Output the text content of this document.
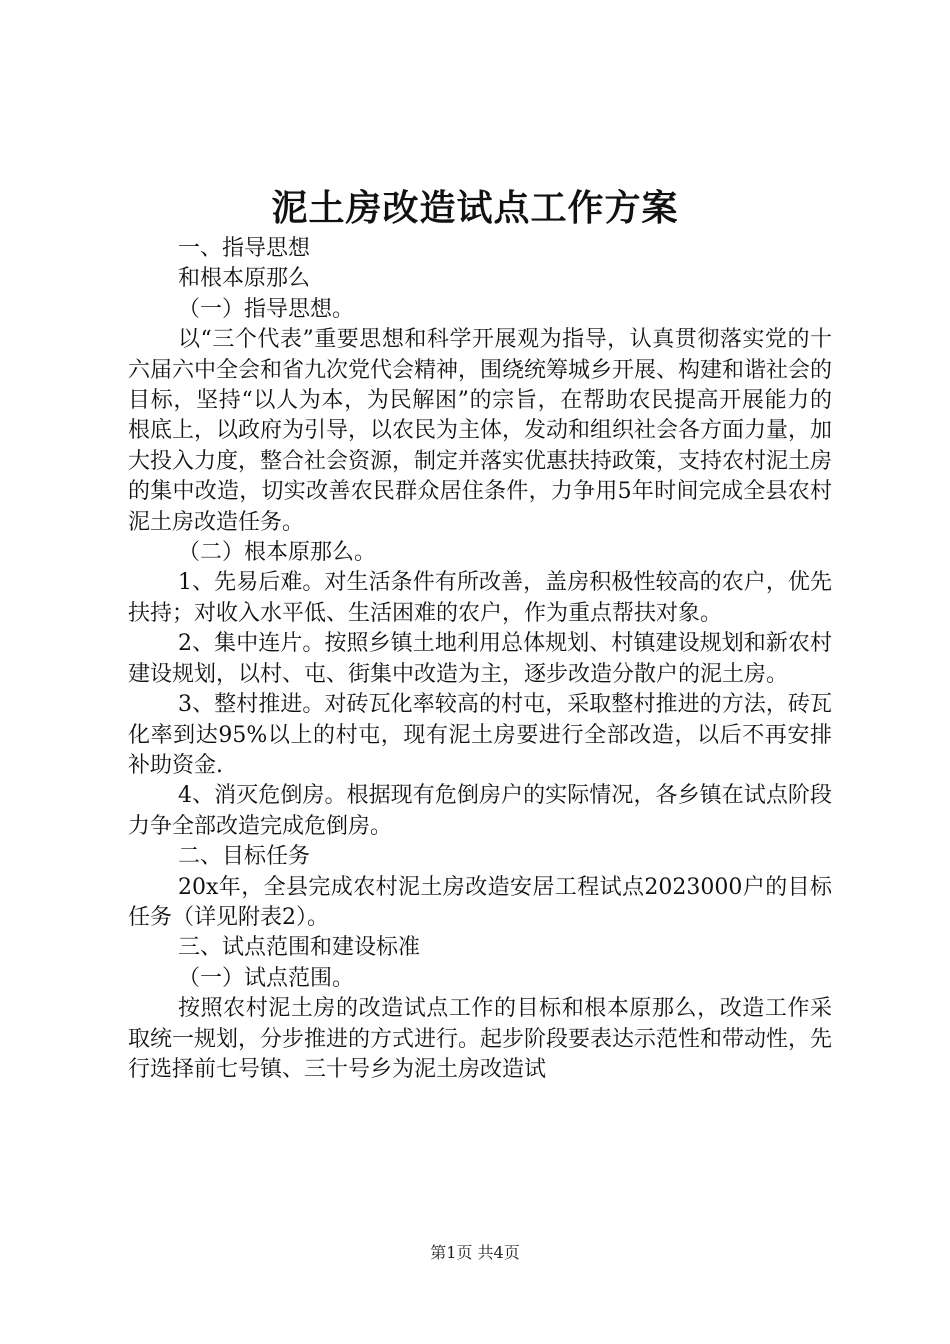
泥土房改造试点工作方案

一、指导思想

和根本原那么

（一）指导思想。

以“三个代表”重要思想和科学开展观为指导，认真贯彻落实党的十六届六中全会和省九次党代会精神，围绕统筹城乡开展、构建和谐社会的目标，坚持“以人为本，为民解困”的宗旨，在帮助农民提高开展能力的根底上，以政府为引导，以农民为主体，发动和组织社会各方面力量，加大投入力度，整合社会资源，制定并落实优惠扶持政策，支持农村泥土房的集中改造，切实改善农民群众居住条件，力争用5年时间完成全县农村泥土房改造任务。

（二）根本原那么。

1、先易后难。对生活条件有所改善，盖房积极性较高的农户，优先扶持；对收入水平低、生活困难的农户，作为重点帮扶对象。

2、集中连片。按照乡镇土地利用总体规划、村镇建设规划和新农村建设规划，以村、屯、街集中改造为主，逐步改造分散户的泥土房。

3、整村推进。对砖瓦化率较高的村屯，采取整村推进的方法，砖瓦化率到达95%以上的村屯，现有泥土房要进行全部改造，以后不再安排补助资金.

4、消灭危倒房。根据现有危倒房户的实际情况，各乡镇在试点阶段力争全部改造完成危倒房。

二、目标任务

20x年，全县完成农村泥土房改造安居工程试点2023000户的目标任务（详见附表2）。

三、试点范围和建设标准

（一）试点范围。

按照农村泥土房的改造试点工作的目标和根本原那么，改造工作采取统一规划，分步推进的方式进行。起步阶段要表达示范性和带动性，先行选择前七号镇、三十号乡为泥土房改造试

第1页 共4页
